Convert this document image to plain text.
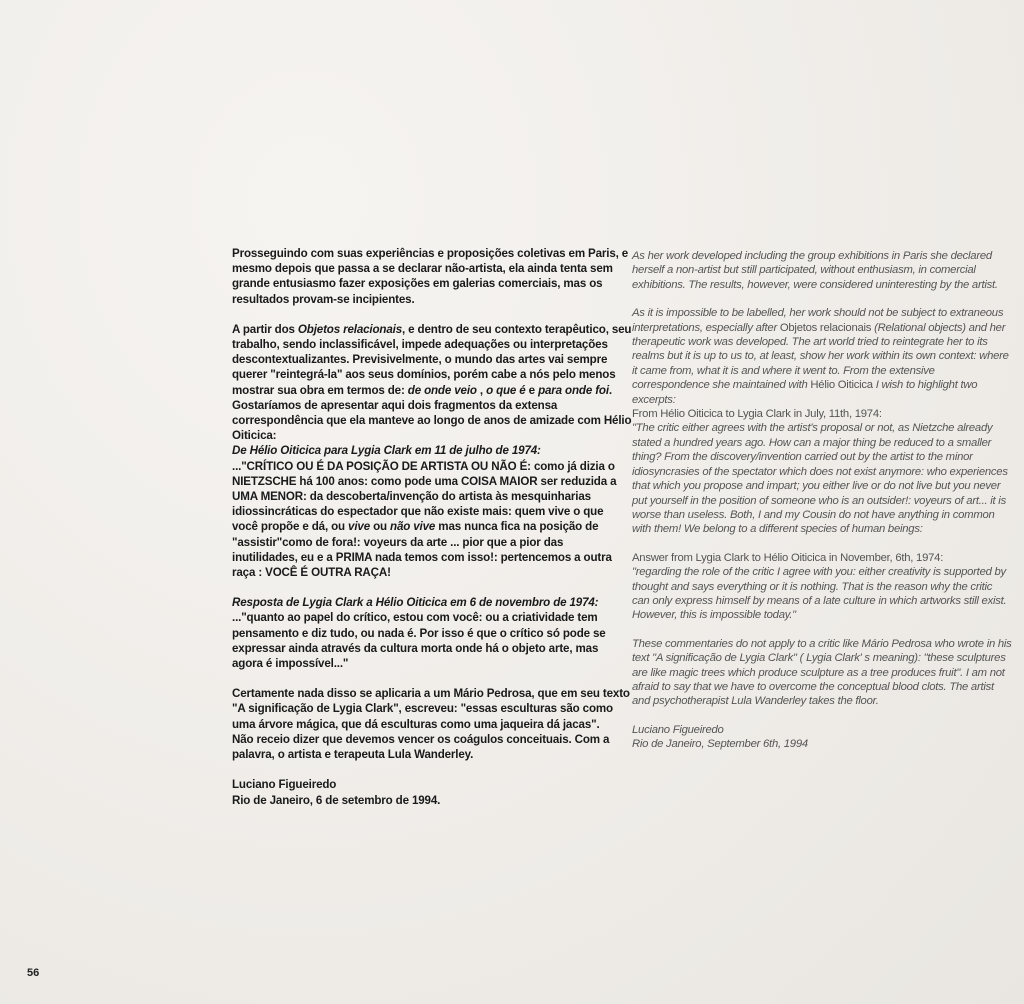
Prosseguindo com suas experiências e proposições coletivas em Paris, e mesmo depois que passa a se declarar não-artista, ela ainda tenta sem grande entusiasmo fazer exposições em galerias comerciais, mas os resultados provam-se incipientes.

A partir dos Objetos relacionais, e dentro de seu contexto terapêutico, seu trabalho, sendo inclassificável, impede adequações ou interpretações descontextualizantes. Previsivelmente, o mundo das artes vai sempre querer "reintegrá-la" aos seus domínios, porém cabe a nós pelo menos mostrar sua obra em termos de: de onde veio , o que é e para onde foi.

Gostaríamos de apresentar aqui dois fragmentos da extensa correspondência que ela manteve ao longo de anos de amizade com Hélio Oiticica:

De Hélio Oiticica para Lygia Clark em 11 de julho de 1974:

..."CRÍTICO OU É DA POSIÇÃO DE ARTISTA OU NÃO É: como já dizia o NIETZSCHE há 100 anos: como pode uma COISA MAIOR ser reduzida a UMA MENOR: da descoberta/invenção do artista às mesquinharias idiossincráticas do espectador que não existe mais: quem vive o que você propõe e dá, ou vive ou não vive mas nunca fica na posição de "assistir"como de fora!: voyeurs da arte ... pior que a pior das inutilidades, eu e a PRIMA nada temos com isso!: pertencemos a outra raça : VOCÊ É OUTRA RAÇA!

Resposta de Lygia Clark a Hélio Oiticica em 6 de novembro de 1974:

..."quanto ao papel do crítico, estou com você: ou a criatividade tem pensamento e diz tudo, ou nada é. Por isso é que o crítico só pode se expressar ainda através da cultura morta onde há o objeto arte, mas agora é impossível..."

Certamente nada disso se aplicaria a um Mário Pedrosa, que em seu texto "A significação de Lygia Clark", escreveu: "essas esculturas são como uma árvore mágica, que dá esculturas como uma jaqueira dá jacas".

Não receio dizer que devemos vencer os coágulos conceituais. Com a palavra, o artista e terapeuta Lula Wanderley.

Luciano Figueiredo

Rio de Janeiro, 6 de setembro de 1994.

As her work developed including the group exhibitions in Paris she declared herself a non-artist but still participated, without enthusiasm, in comercial exhibitions. The results, however, were considered uninteresting by the artist.

As it is impossible to be labelled, her work should not be subject to extraneous interpretations, especially after Objetos relacionais (Relational objects) and her therapeutic work was developed. The art world tried to reintegrate her to its realms but it is up to us to, at least, show her work within its own context: where it came from, what it is and where it went to. From the extensive correspondence she maintained with Hélio Oiticica I wish to highlight two excerpts:

From Hélio Oiticica to Lygia Clark in July, 11th, 1974:

"The critic either agrees with the artist's proposal or not, as Nietzche already stated a hundred years ago. How can a major thing be reduced to a smaller thing? From the discovery/invention carried out by the artist to the minor idiosyncrasies of the spectator which does not exist anymore: who experiences that which you propose and impart; you either live or do not live but you never put yourself in the position of someone who is an outsider!: voyeurs of art... it is worse than useless. Both, I and my Cousin do not have anything in common with them! We belong to a different species of human beings:

Answer from Lygia Clark to Hélio Oiticica in November, 6th, 1974:

"regarding the role of the critic I agree with you: either creativity is supported by thought and says everything or it is nothing. That is the reason why the critic can only express himself by means of a late culture in which artworks still exist. However, this is impossible today."

These commentaries do not apply to a critic like Mário Pedrosa who wrote in his text "A significação de Lygia Clark" ( Lygia Clark' s meaning): "these sculptures are like magic trees which produce sculpture as a tree produces fruit". I am not afraid to say that we have to overcome the conceptual blood clots. The artist and psychotherapist Lula Wanderley takes the floor.

Luciano Figueiredo

Rio de Janeiro, September 6th, 1994

56
